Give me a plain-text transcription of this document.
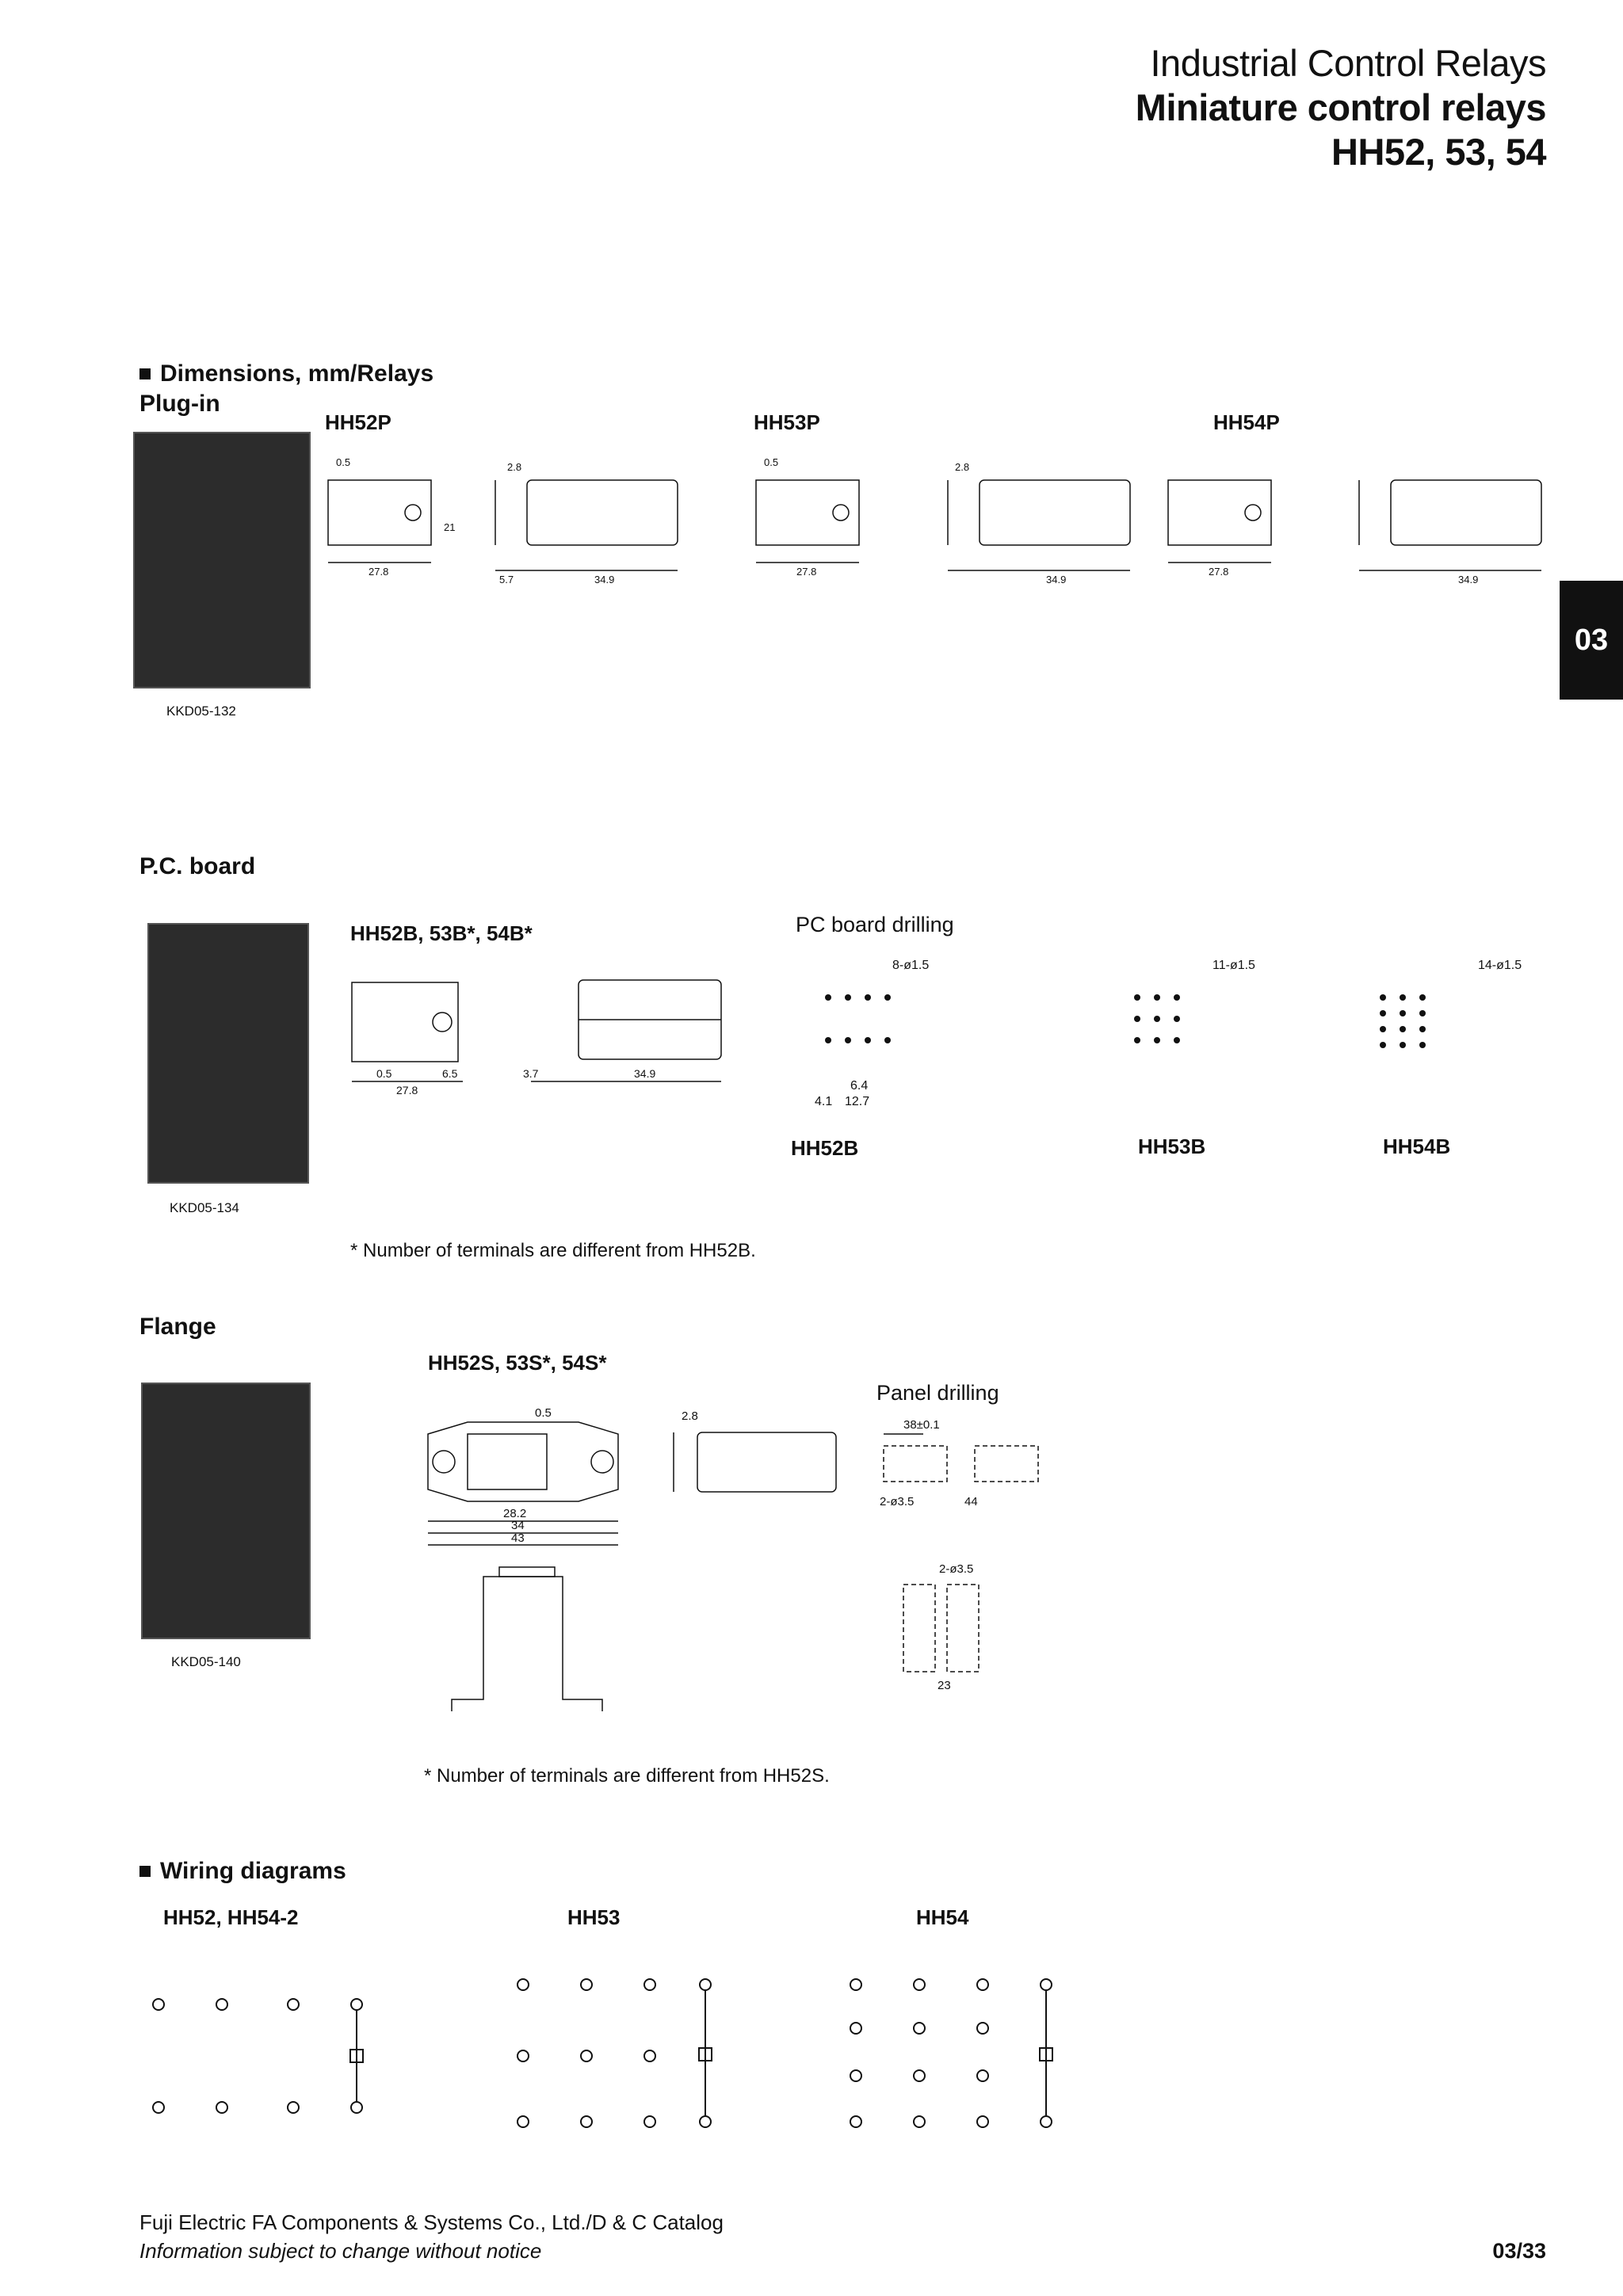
Industrial Control Relays
Miniature control relays
HH52, 53, 54
03
Dimensions, mm/Relays
Plug-in
KKD05-132
HH52P	HH53P	HH54P
0.5	2.8
21
27.8
5.7	34.9
0.5	2.8
27.8
34.9
27.8
34.9
P.C. board
KKD05-134
HH52B, 53B*, 54B*	PC board drilling
8-ø1.5	11-ø1.5	14-ø1.5
0.5
27.8
6.5	3.7	34.9
6.4
4.1 12.7
HH52B	HH53B	HH54B
* Number of terminals are different from HH52B.
Flange
KKD05-140
HH52S, 53S*, 54S*
Panel drilling
0.5	2.8
28.2
34
43
38±0.1
2-ø3.5	44
2-ø3.5
23
* Number of terminals are different from HH52S.
Wiring diagrams
HH52, HH54-2	HH53	HH54
Fuji Electric FA Components & Systems Co., Ltd./D & C Catalog
Information subject to change without notice	03/33
